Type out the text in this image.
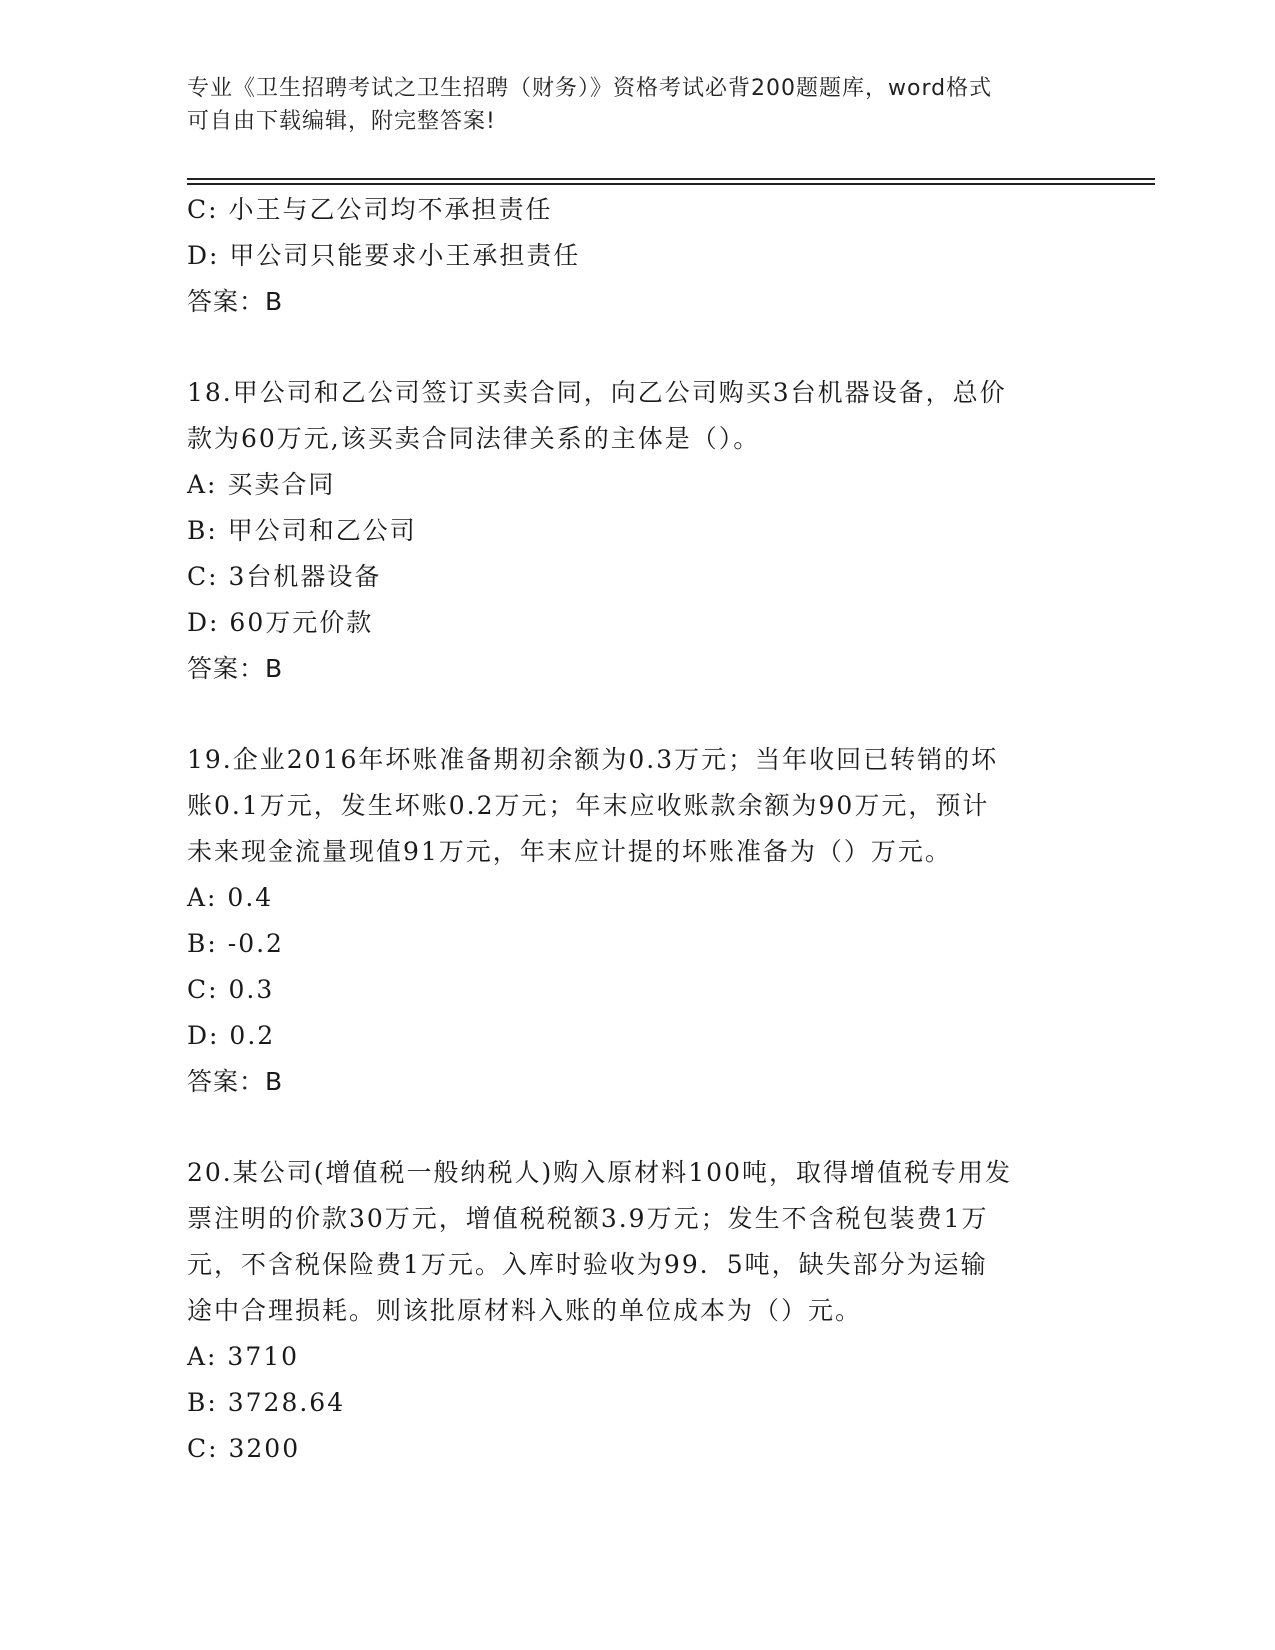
专业《卫生招聘考试之卫生招聘（财务）》资格考试必背200题题库，word格式
可自由下载编辑，附完整答案!
C: 小王与乙公司均不承担责任
D: 甲公司只能要求小王承担责任
答案：B
18.甲公司和乙公司签订买卖合同，向乙公司购买3台机器设备，总价
款为60万元,该买卖合同法律关系的主体是（）。
A: 买卖合同
B: 甲公司和乙公司
C: 3台机器设备
D: 60万元价款
答案：B
19.企业2016年坏账准备期初余额为0.3万元；当年收回已转销的坏
账0.1万元，发生坏账0.2万元；年末应收账款余额为90万元，预计
未来现金流量现值91万元，年末应计提的坏账准备为（）万元。
A: 0.4
B: -0.2
C: 0.3
D: 0.2
答案：B
20.某公司(增值税一般纳税人)购入原材料100吨，取得增值税专用发
票注明的价款30万元，增值税税额3.9万元；发生不含税包装费1万
元，不含税保险费1万元。入库时验收为99．5吨，缺失部分为运输
途中合理损耗。则该批原材料入账的单位成本为（）元。
A: 3710
B: 3728.64
C: 3200
